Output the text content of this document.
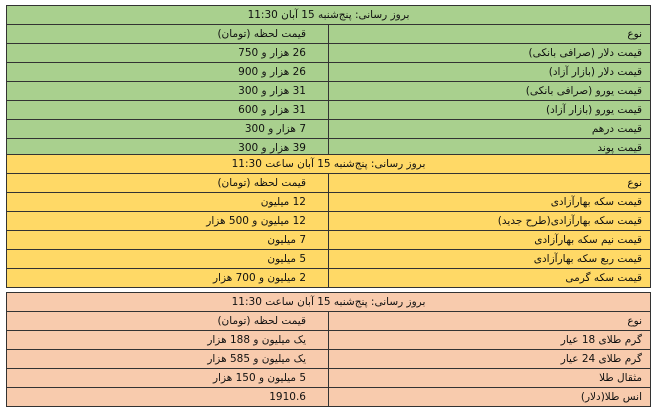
بروز رسانی: پنج‌شنبه 15 آبان 11:30	
نوع	قیمت لحظه (تومان)
قیمت دلار (صرافی بانکی)	26 هزار و 750
قیمت دلار (بازار آزاد)	26 هزار و 900
قیمت یورو (صرافی بانکی)	31 هزار و 300
قیمت یورو (بازار آزاد)	31 هزار و 600
قیمت درهم	7 هزار و 300
قیمت پوند	39 هزار و 300
بروز رسانی: پنج‌شنبه 15 آبان ساعت 11:30	
نوع	قیمت لحظه (تومان)
قیمت سکه بهارآزادی	12 میلیون
قیمت سکه بهارآزادی(طرح جدید)	12 میلیون و 500 هزار
قیمت نیم سکه بهارآزادی	7 میلیون
قیمت ربع سکه بهارآزادی	5 میلیون
قیمت سکه گرمی	2 میلیون و 700 هزار
بروز رسانی: پنج‌شنبه 15 آبان ساعت 11:30	
نوع	قیمت لحظه (تومان)
گرم طلای 18 عیار	یک میلیون و 188 هزار
گرم طلای 24 عیار	یک میلیون و 585 هزار
مثقال طلا	5 میلیون و 150 هزار
انس طلا(دلار)	1910.6
